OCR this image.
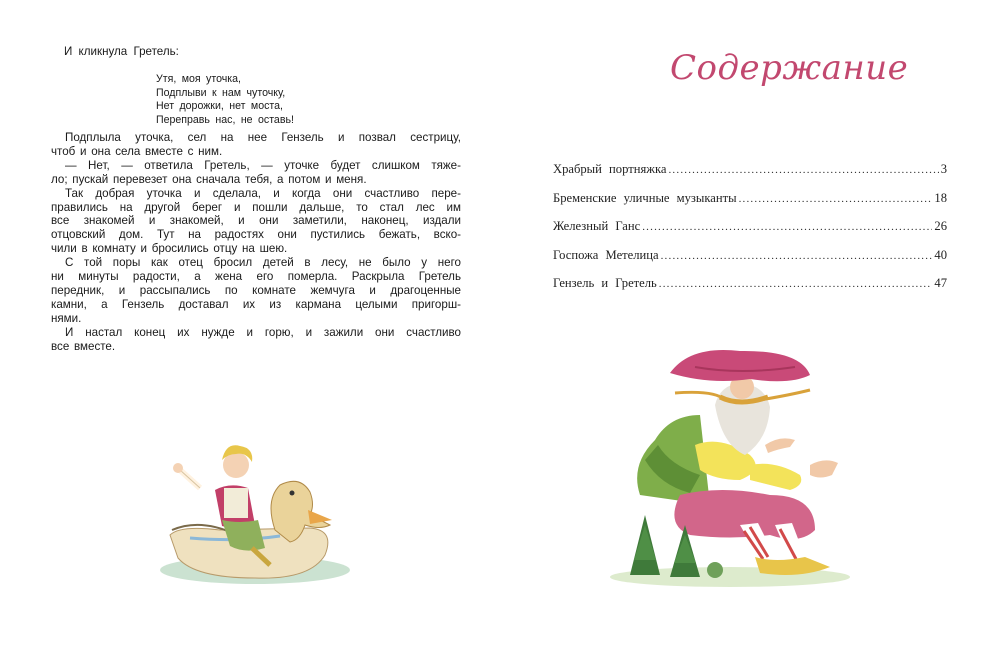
И кликнула Гретель:
Утя, моя уточка,
Подплыви к нам чуточку,
Нет дорожки, нет моста,
Переправь нас, не оставь!
Подплыла уточка, сел на нее Гензель и позвал сестрицу,
чтоб и она села вместе с ним.
— Нет, — ответила Гретель, — уточке будет слишком тяже-
ло; пускай перевезет она сначала тебя, а потом и меня.
Так добрая уточка и сделала, и когда они счастливо пере-
правились на другой берег и пошли дальше, то стал лес им
все знакомей и знакомей, и они заметили, наконец, издали
отцовский дом. Тут на радостях они пустились бежать, вско-
чили в комнату и бросились отцу на шею.
С той поры как отец бросил детей в лесу, не было у него
ни минуты радости, а жена его померла. Раскрыла Гретель
передник, и рассыпались по комнате жемчуга и драгоценные
камни, а Гензель доставал их из кармана целыми пригорш-
нями.
И настал конец их нужде и горю, и зажили они счастливо
все вместе.
Содержание
Храбрый портняжка .....	3
Бременские уличные музыканты .....	18
Железный Ганс .....	26
Госпожа Метелица .....	40
Гензель и Гретель .....	47
